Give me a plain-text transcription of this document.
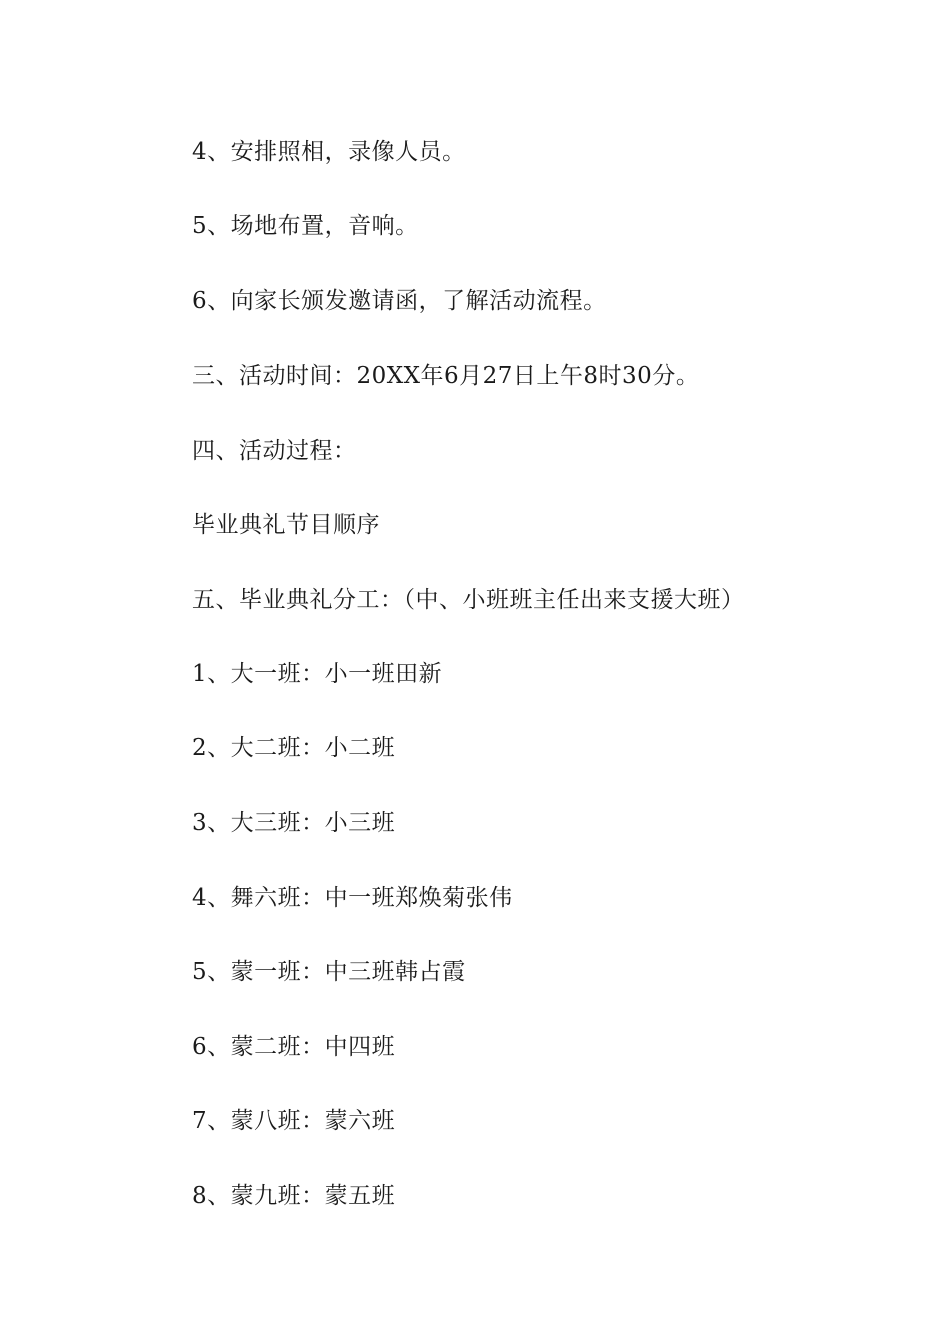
4、安排照相，录像人员。
5、场地布置，音响。
6、向家长颁发邀请函，了解活动流程。
三、活动时间：20XX年6月27日上午8时30分。
四、活动过程：
毕业典礼节目顺序
五、毕业典礼分工：（中、小班班主任出来支援大班）
1、大一班：小一班田新
2、大二班：小二班
3、大三班：小三班
4、舞六班：中一班郑焕菊张伟
5、蒙一班：中三班韩占霞
6、蒙二班：中四班
7、蒙八班：蒙六班
8、蒙九班：蒙五班
